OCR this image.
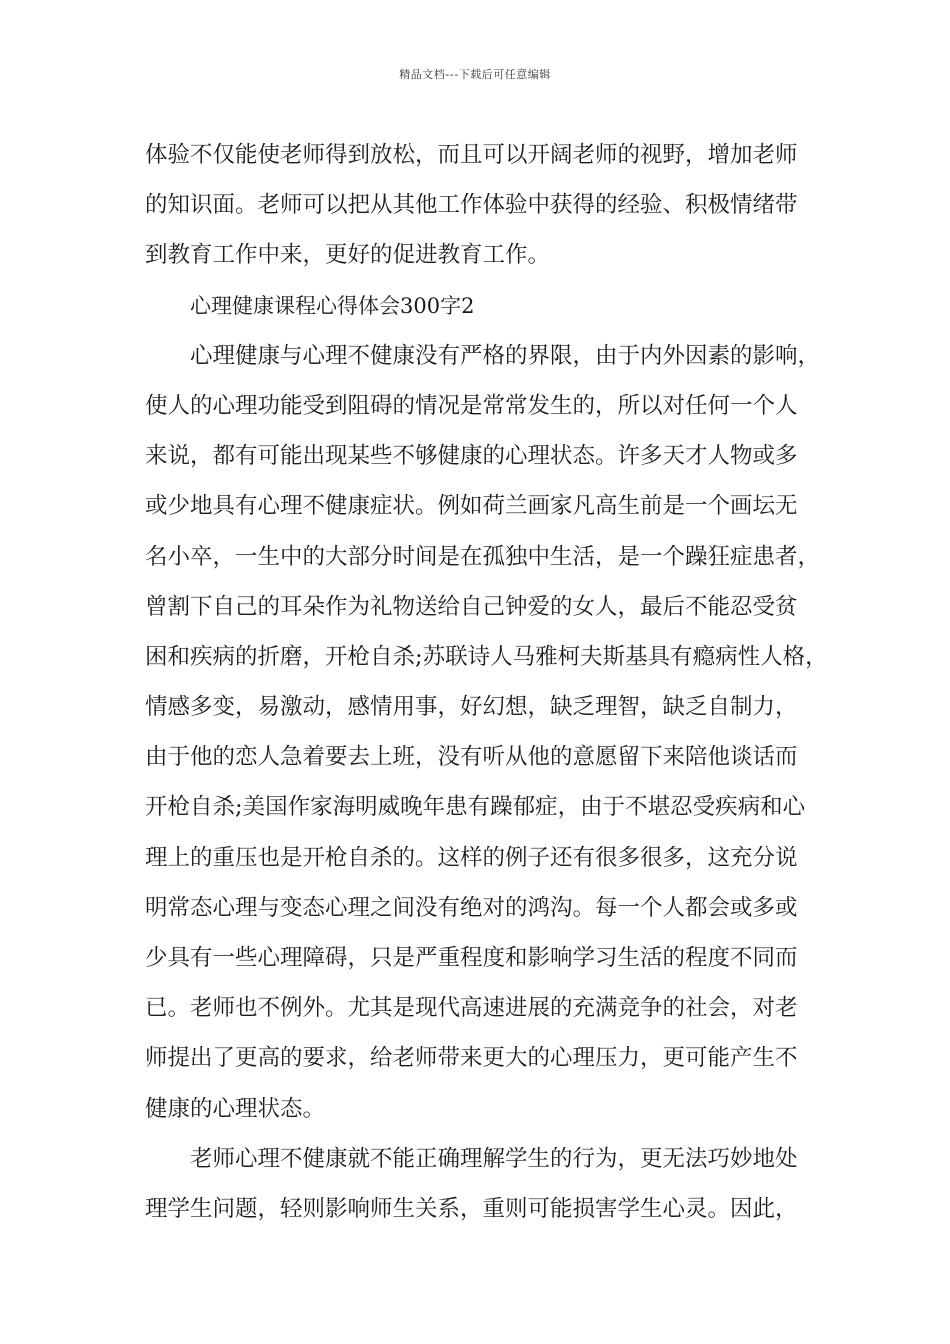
精品文档---下载后可任意编辑
体验不仅能使老师得到放松，而且可以开阔老师的视野，增加老师
的知识面。老师可以把从其他工作体验中获得的经验、积极情绪带
到教育工作中来，更好的促进教育工作。
心理健康课程心得体会300字2
心理健康与心理不健康没有严格的界限，由于内外因素的影响，
使人的心理功能受到阻碍的情况是常常发生的，所以对任何一个人
来说，都有可能出现某些不够健康的心理状态。许多天才人物或多
或少地具有心理不健康症状。例如荷兰画家凡高生前是一个画坛无
名小卒，一生中的大部分时间是在孤独中生活，是一个躁狂症患者，
曾割下自己的耳朵作为礼物送给自己钟爱的女人，最后不能忍受贫
困和疾病的折磨，开枪自杀;苏联诗人马雅柯夫斯基具有瘾病性人格，
情感多变，易激动，感情用事，好幻想，缺乏理智，缺乏自制力，
由于他的恋人急着要去上班，没有听从他的意愿留下来陪他谈话而
开枪自杀;美国作家海明威晚年患有躁郁症，由于不堪忍受疾病和心
理上的重压也是开枪自杀的。这样的例子还有很多很多，这充分说
明常态心理与变态心理之间没有绝对的鸿沟。每一个人都会或多或
少具有一些心理障碍，只是严重程度和影响学习生活的程度不同而
已。老师也不例外。尤其是现代高速进展的充满竞争的社会，对老
师提出了更高的要求，给老师带来更大的心理压力，更可能产生不
健康的心理状态。
老师心理不健康就不能正确理解学生的行为，更无法巧妙地处
理学生问题，轻则影响师生关系，重则可能损害学生心灵。因此，
